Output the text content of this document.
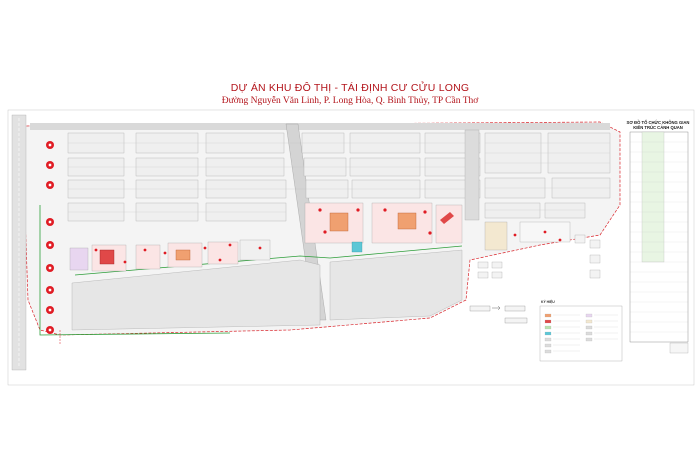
DỰ ÁN KHU ĐÔ THỊ - TÁI ĐỊNH CƯ CỬU LONG
Đường Nguyễn Văn Linh, P. Long Hòa, Q. Bình Thủy, TP Cần Thơ
SƠ ĐỒ TỔ CHỨC KHÔNG GIAN
KIẾN TRÚC CẢNH QUAN
KÝ HIỆU
